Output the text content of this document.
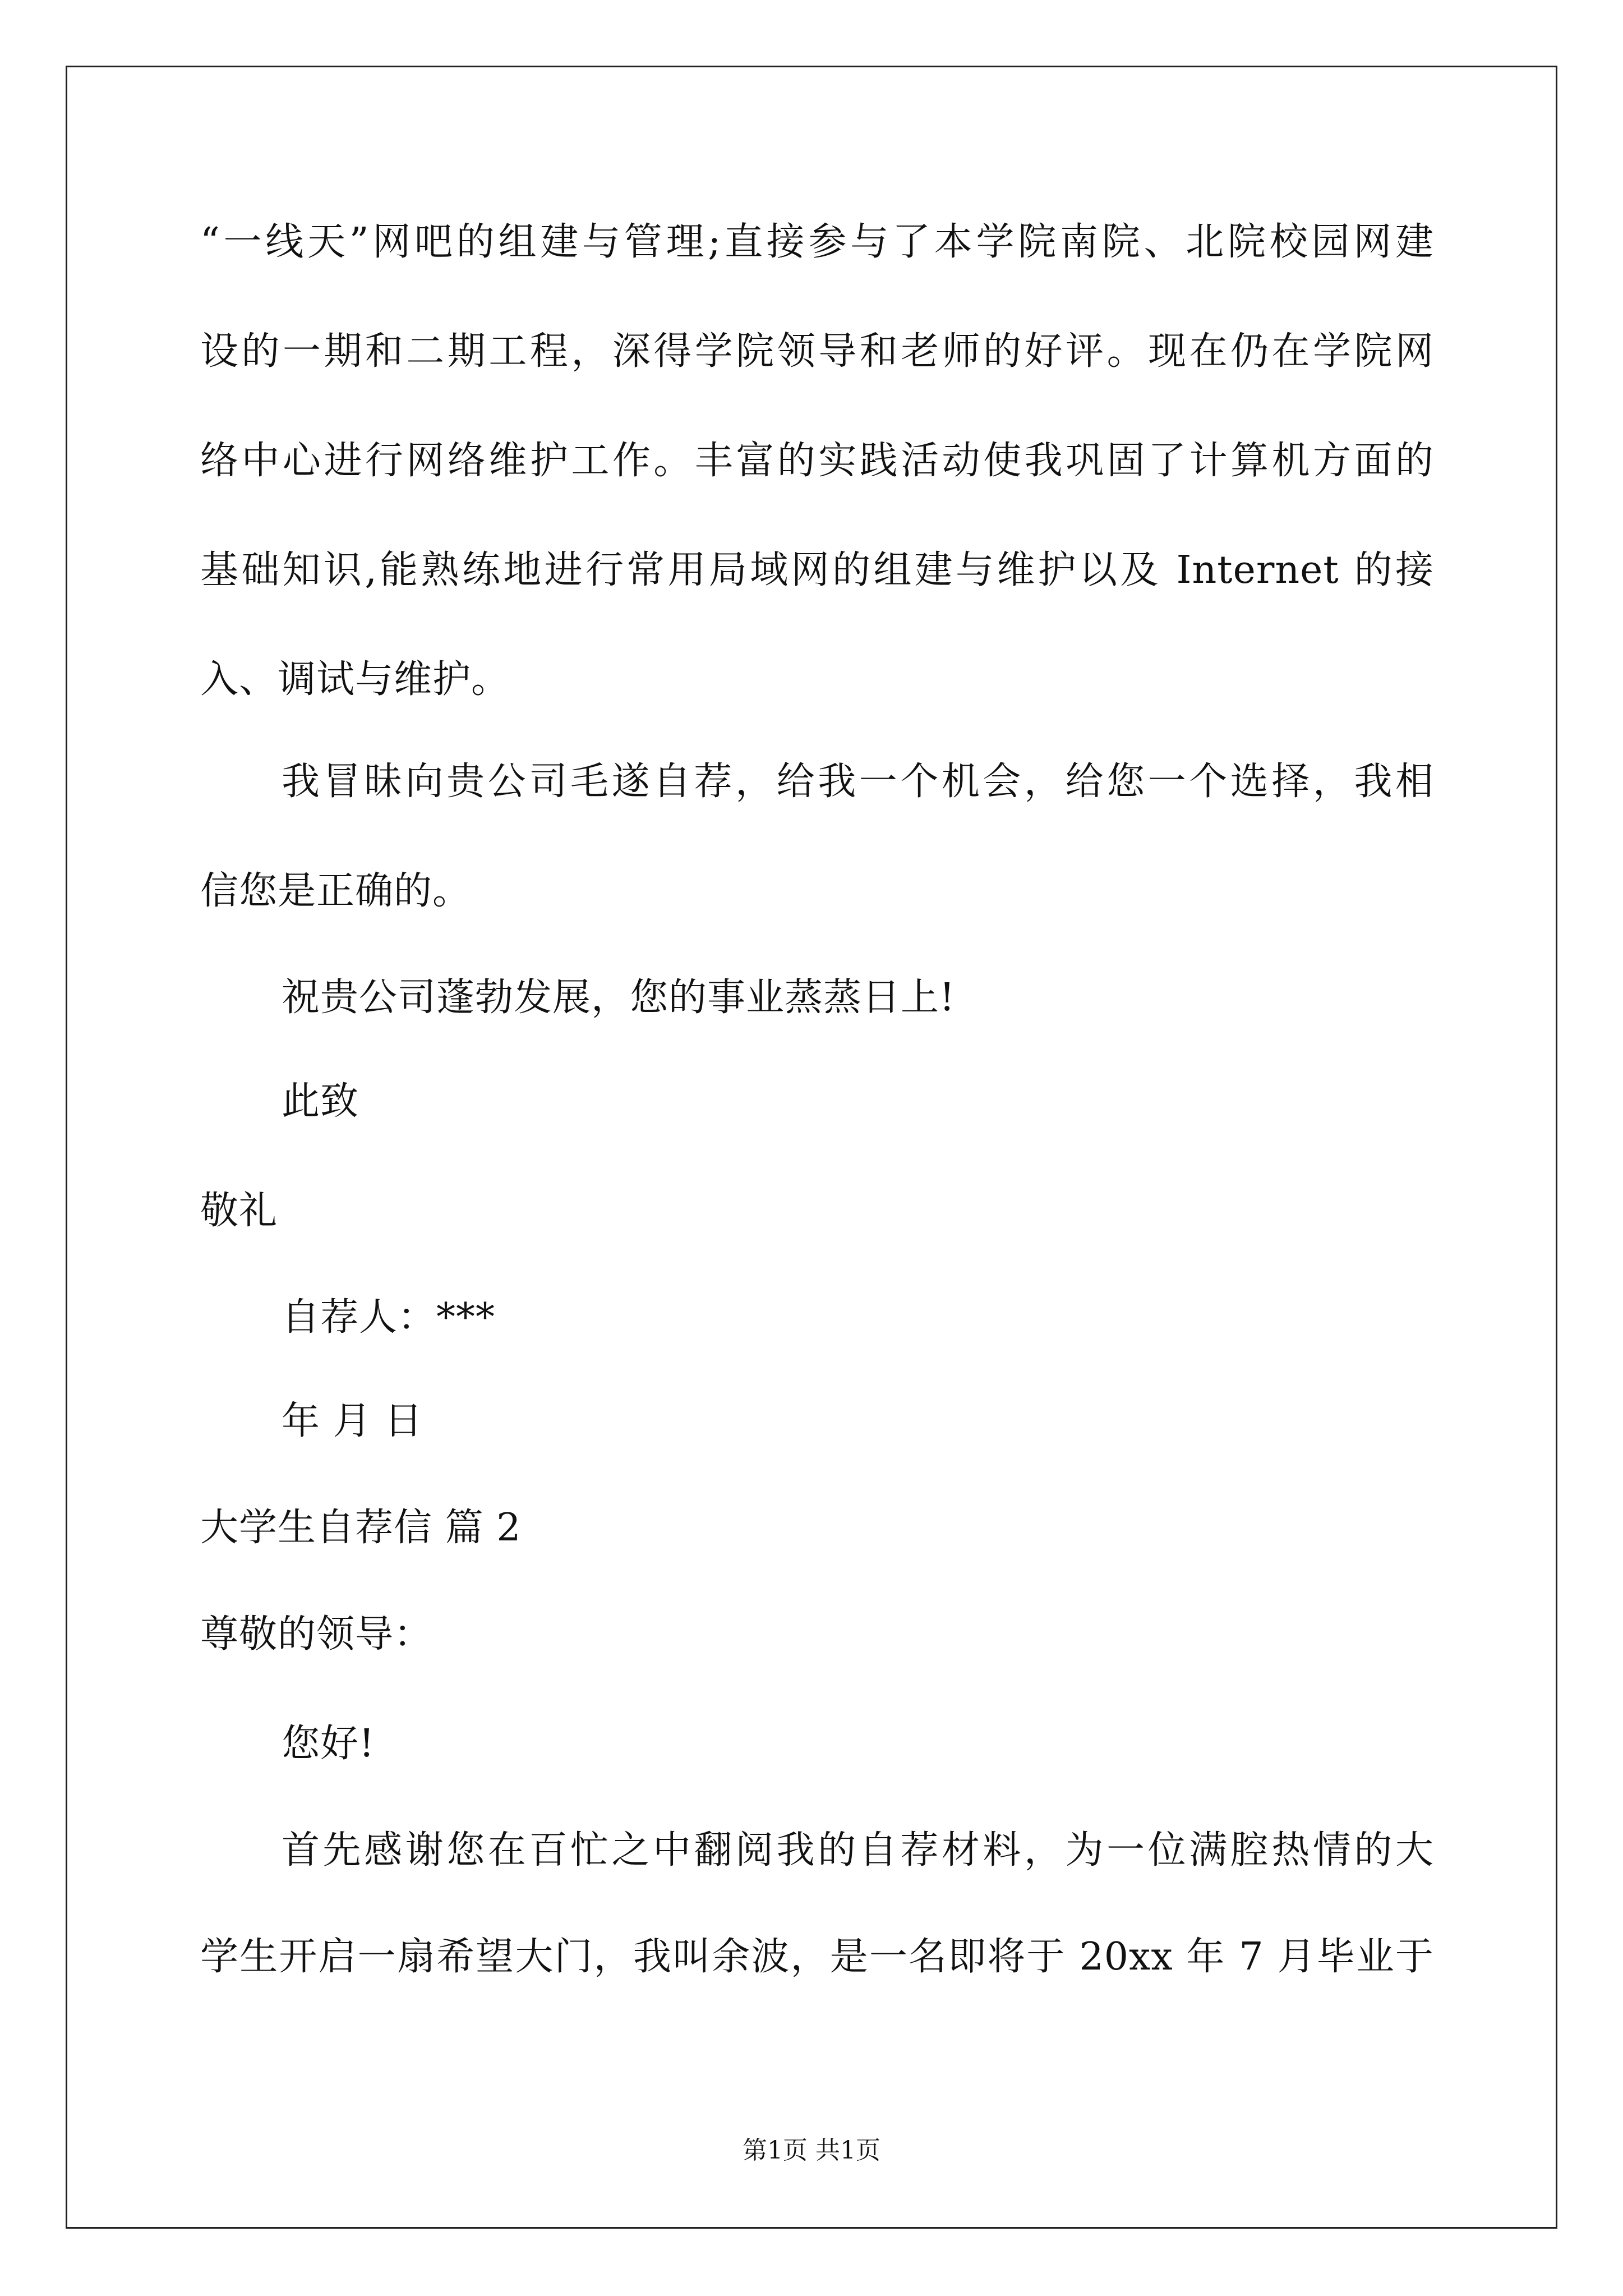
“一线天”网吧的组建与管理;直接参与了本学院南院、北院校园网建
设的一期和二期工程，深得学院领导和老师的好评。现在仍在学院网
络中心进行网络维护工作。丰富的实践活动使我巩固了计算机方面的
基础知识,能熟练地进行常用局域网的组建与维护以及 Internet 的接
入、调试与维护。
我冒昧向贵公司毛遂自荐，给我一个机会，给您一个选择，我相
信您是正确的。
祝贵公司蓬勃发展，您的事业蒸蒸日上!
此致
敬礼
自荐人：***
年 月 日
大学生自荐信 篇 2
尊敬的领导：
您好!
首先感谢您在百忙之中翻阅我的自荐材料，为一位满腔热情的大
学生开启一扇希望大门，我叫余波，是一名即将于 20xx 年 7 月毕业于
第1页 共1页
